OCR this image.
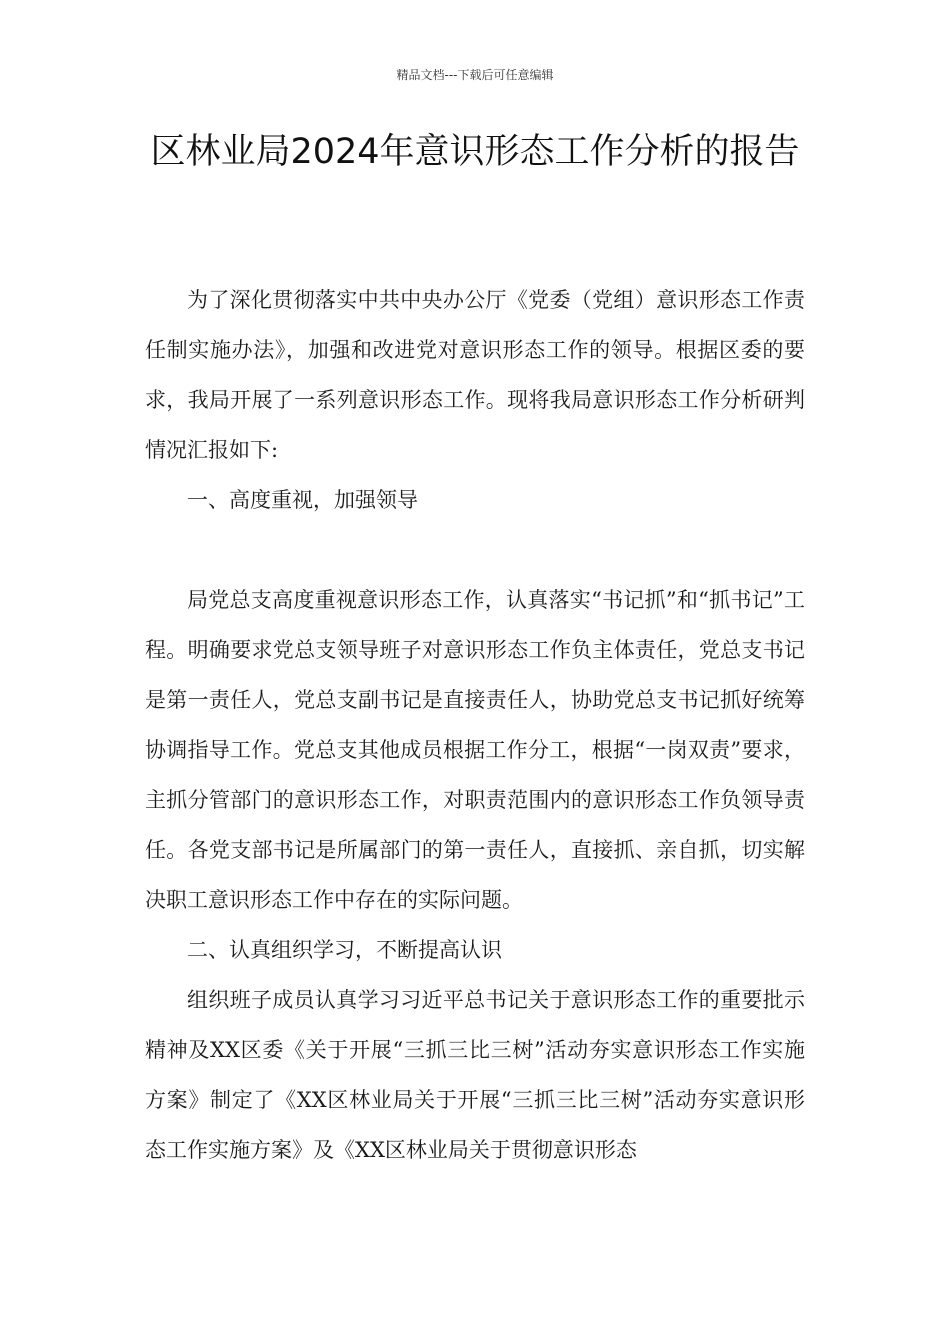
精品文档---下载后可任意编辑
区林业局2024年意识形态工作分析的报告

为了深化贯彻落实中共中央办公厅《党委（党组）意识形态工作责任制实施办法》，加强和改进党对意识形态工作的领导。根据区委的要求，我局开展了一系列意识形态工作。现将我局意识形态工作分析研判情况汇报如下:

一、高度重视，加强领导

局党总支高度重视意识形态工作，认真落实“书记抓”和“抓书记”工程。明确要求党总支领导班子对意识形态工作负主体责任，党总支书记是第一责任人，党总支副书记是直接责任人，协助党总支书记抓好统筹协调指导工作。党总支其他成员根据工作分工，根据“一岗双责”要求，主抓分管部门的意识形态工作，对职责范围内的意识形态工作负领导责任。各党支部书记是所属部门的第一责任人，直接抓、亲自抓，切实解决职工意识形态工作中存在的实际问题。

二、认真组织学习，不断提高认识

组织班子成员认真学习习近平总书记关于意识形态工作的重要批示精神及XX区委《关于开展“三抓三比三树”活动夯实意识形态工作实施方案》制定了《XX区林业局关于开展“三抓三比三树”活动夯实意识形态工作实施方案》及《XX区林业局关于贯彻意识形态
